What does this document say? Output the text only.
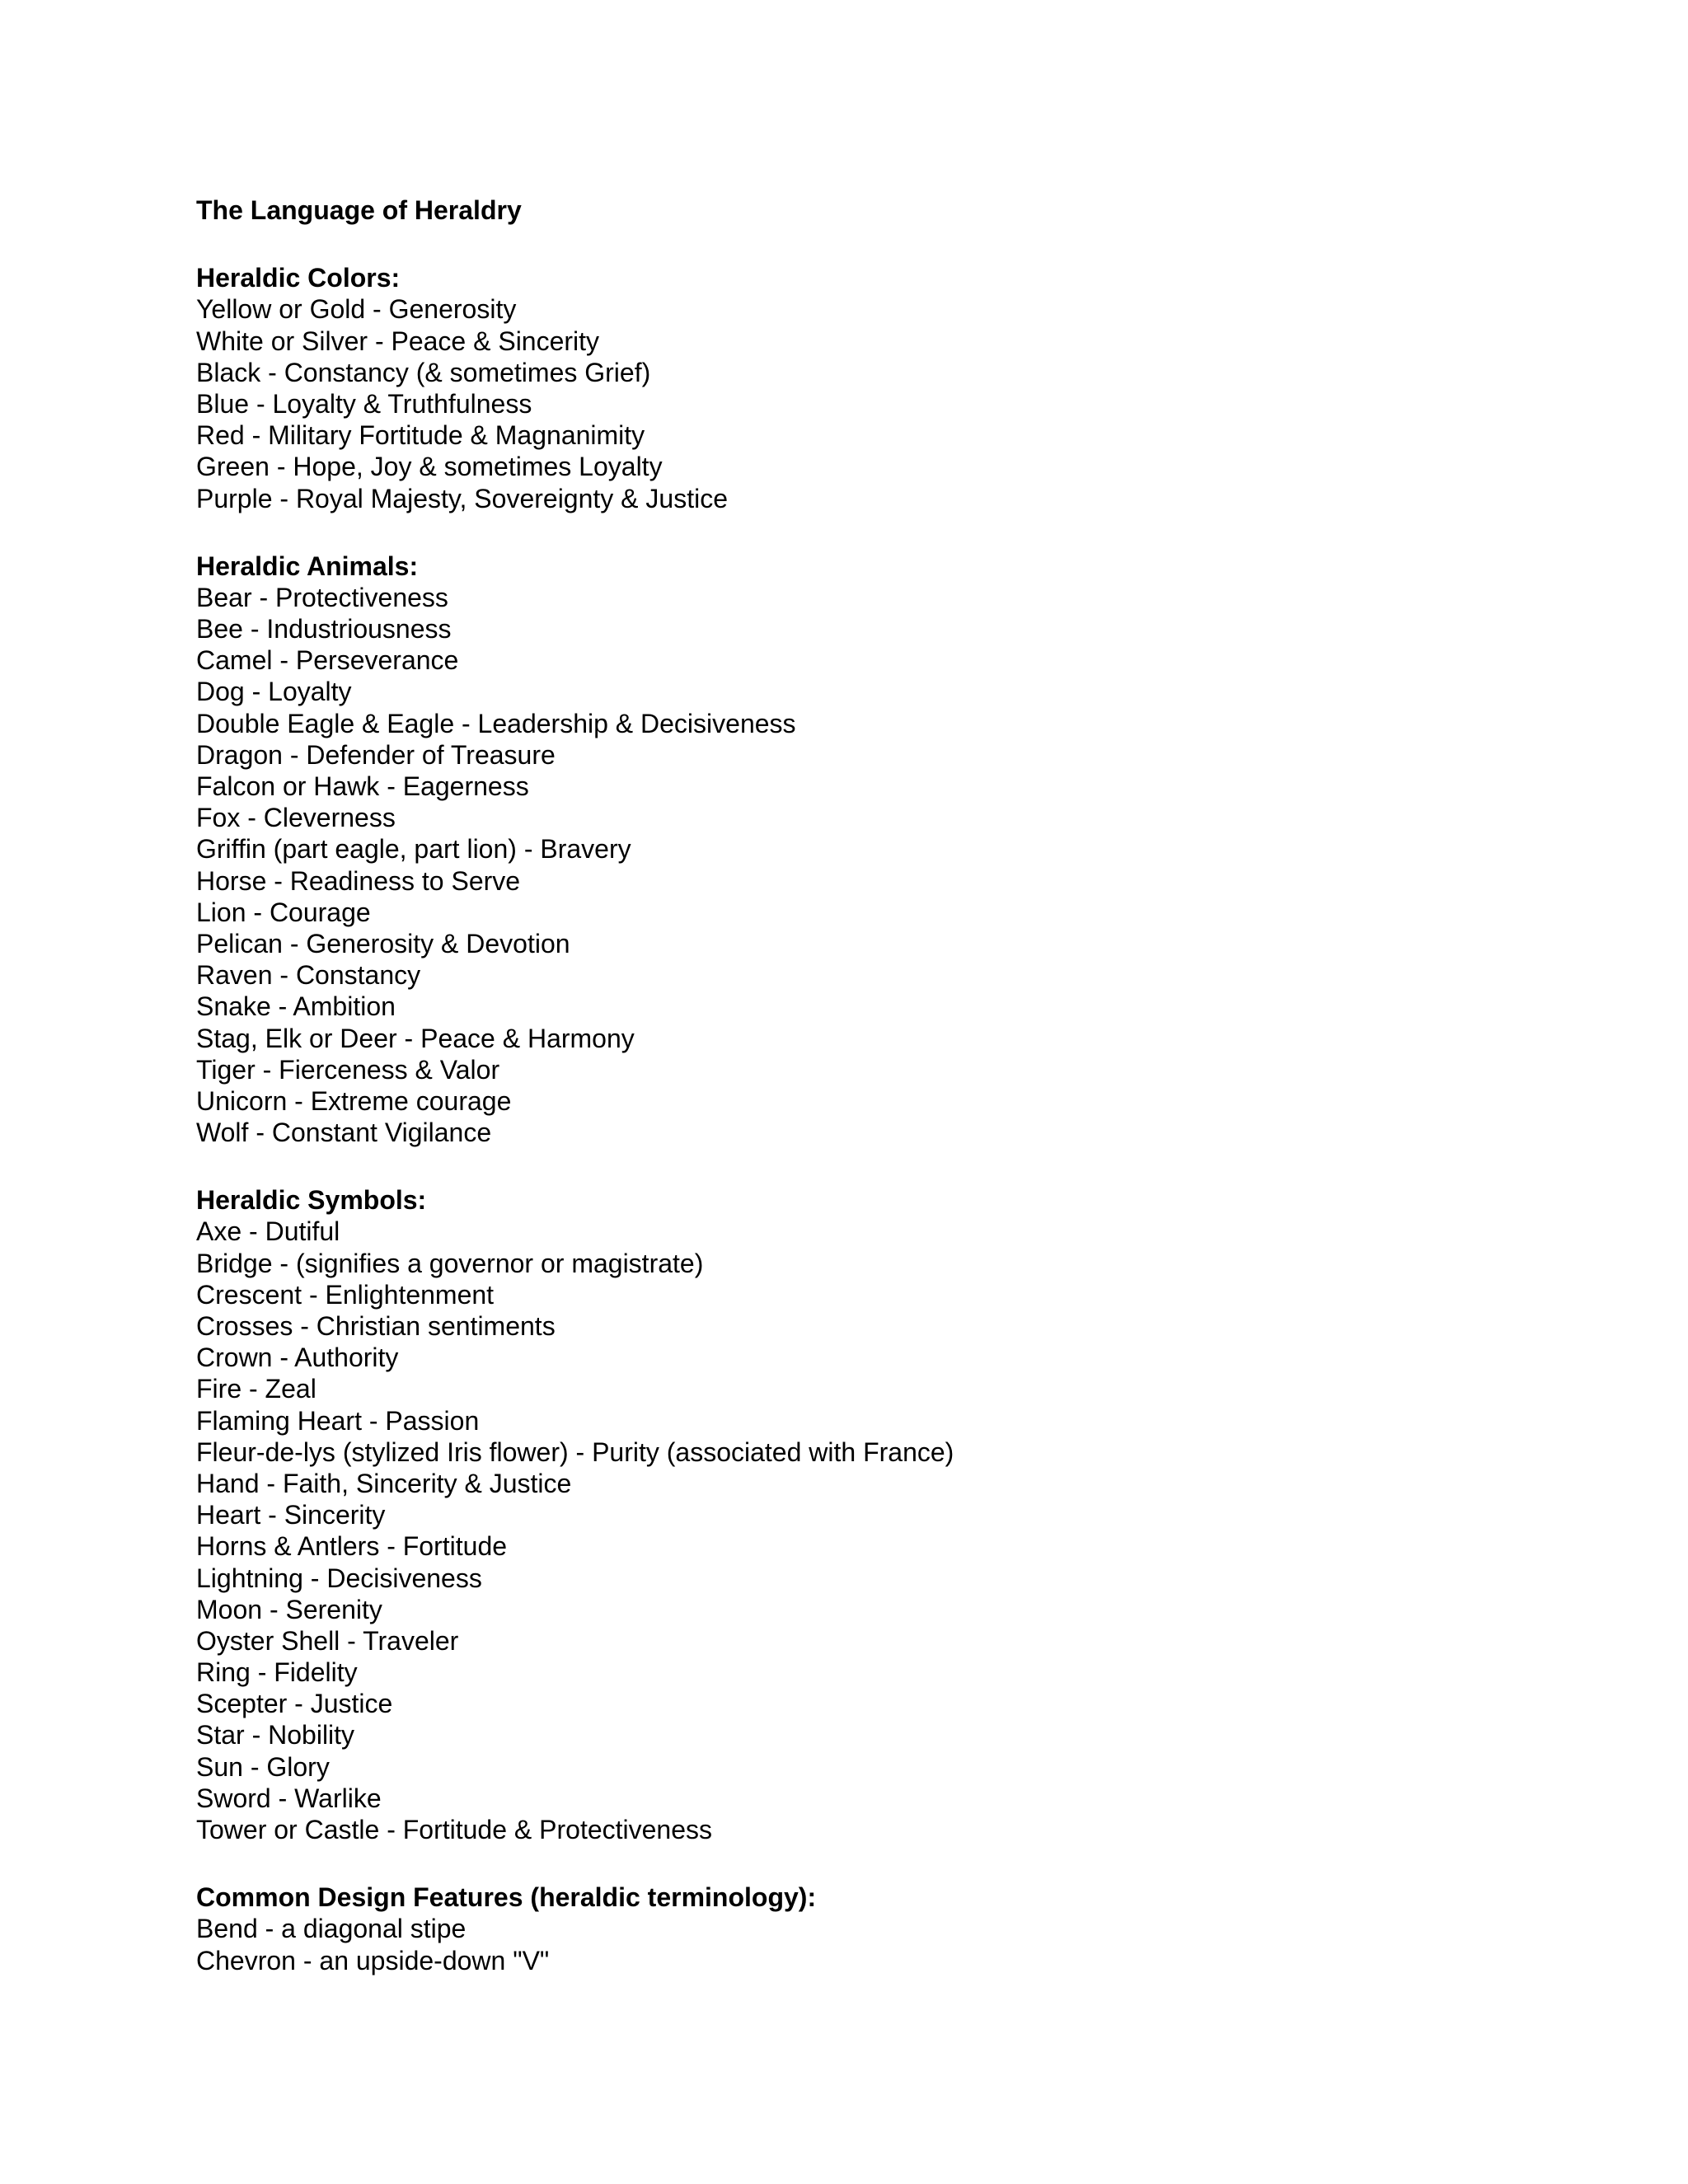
The Language of Heraldry
Heraldic Colors:
Yellow or Gold - Generosity
White or Silver - Peace & Sincerity
Black - Constancy (& sometimes Grief)
Blue - Loyalty & Truthfulness
Red - Military Fortitude & Magnanimity
Green - Hope, Joy & sometimes Loyalty
Purple - Royal Majesty, Sovereignty & Justice
Heraldic Animals:
Bear - Protectiveness
Bee - Industriousness
Camel - Perseverance
Dog - Loyalty
Double Eagle & Eagle - Leadership & Decisiveness
Dragon - Defender of Treasure
Falcon or Hawk - Eagerness
Fox - Cleverness
Griffin (part eagle, part lion) - Bravery
Horse - Readiness to Serve
Lion - Courage
Pelican - Generosity & Devotion
Raven - Constancy
Snake - Ambition
Stag, Elk or Deer - Peace & Harmony
Tiger - Fierceness & Valor
Unicorn - Extreme courage
Wolf - Constant Vigilance
Heraldic Symbols:
Axe - Dutiful
Bridge - (signifies a governor or magistrate)
Crescent - Enlightenment
Crosses - Christian sentiments
Crown - Authority
Fire - Zeal
Flaming Heart - Passion
Fleur-de-lys (stylized Iris flower) - Purity (associated with France)
Hand - Faith, Sincerity & Justice
Heart - Sincerity
Horns & Antlers - Fortitude
Lightning - Decisiveness
Moon - Serenity
Oyster Shell - Traveler
Ring - Fidelity
Scepter - Justice
Star - Nobility
Sun - Glory
Sword - Warlike
Tower or Castle - Fortitude & Protectiveness
Common Design Features (heraldic terminology):
Bend - a diagonal stipe
Chevron - an upside-down "V"
